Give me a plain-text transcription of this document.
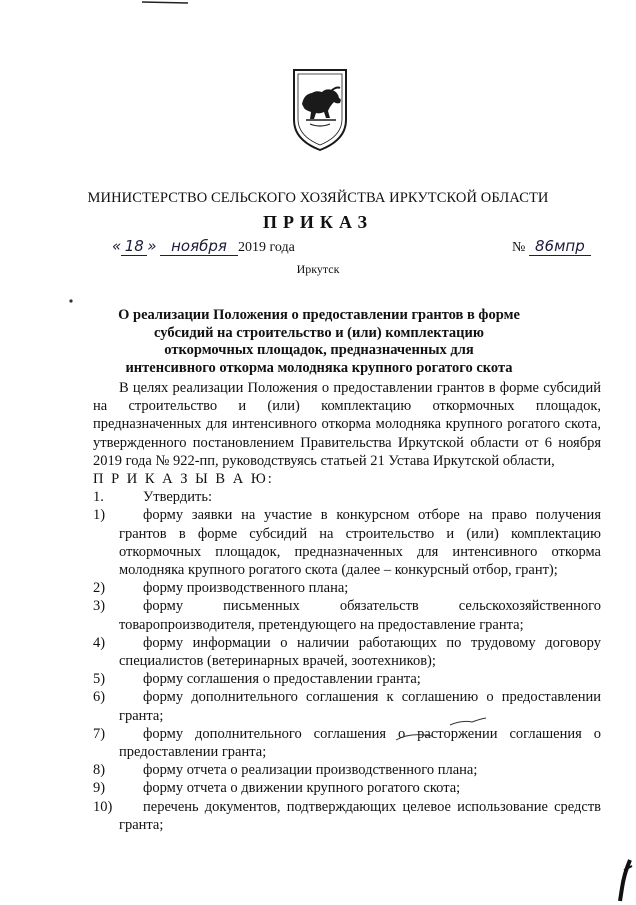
МИНИСТЕРСТВО СЕЛЬСКОГО ХОЗЯЙСТВА ИРКУТСКОЙ ОБЛАСТИ
ПРИКАЗ
« 18 » ноября 2019 года	№ 86мпр
Иркутск
О реализации Положения о предоставлении грантов в форме субсидий на строительство и (или) комплектацию откормочных площадок, предназначенных для интенсивного откорма молодняка крупного рогатого скота

В целях реализации Положения о предоставлении грантов в форме субсидий на строительство и (или) комплектацию откормочных площадок, предназначенных для интенсивного откорма молодняка крупного рогатого скота, утвержденного постановлением Правительства Иркутской области от 6 ноября 2019 года № 922-пп, руководствуясь статьей 21 Устава Иркутской области,

П Р И К А З Ы В А Ю:

1.	Утвердить:

1)	форму заявки на участие в конкурсном отборе на право получения грантов в форме субсидий на строительство и (или) комплектацию откормочных площадок, предназначенных для интенсивного откорма молодняка крупного рогатого скота (далее – конкурсный отбор, грант);

2)	форму производственного плана;

3)	форму письменных обязательств сельскохозяйственного товаропроизводителя, претендующего на предоставление гранта;

4)	форму информации о наличии работающих по трудовому договору специалистов (ветеринарных врачей, зоотехников);

5)	форму соглашения о предоставлении гранта;

6)	форму дополнительного соглашения к соглашению о предоставлении гранта;

7)	форму дополнительного соглашения о расторжении соглашения о предоставлении гранта;

8)	форму отчета о реализации производственного плана;

9)	форму отчета о движении крупного рогатого скота;

10) перечень документов, подтверждающих целевое использование средств гранта;
